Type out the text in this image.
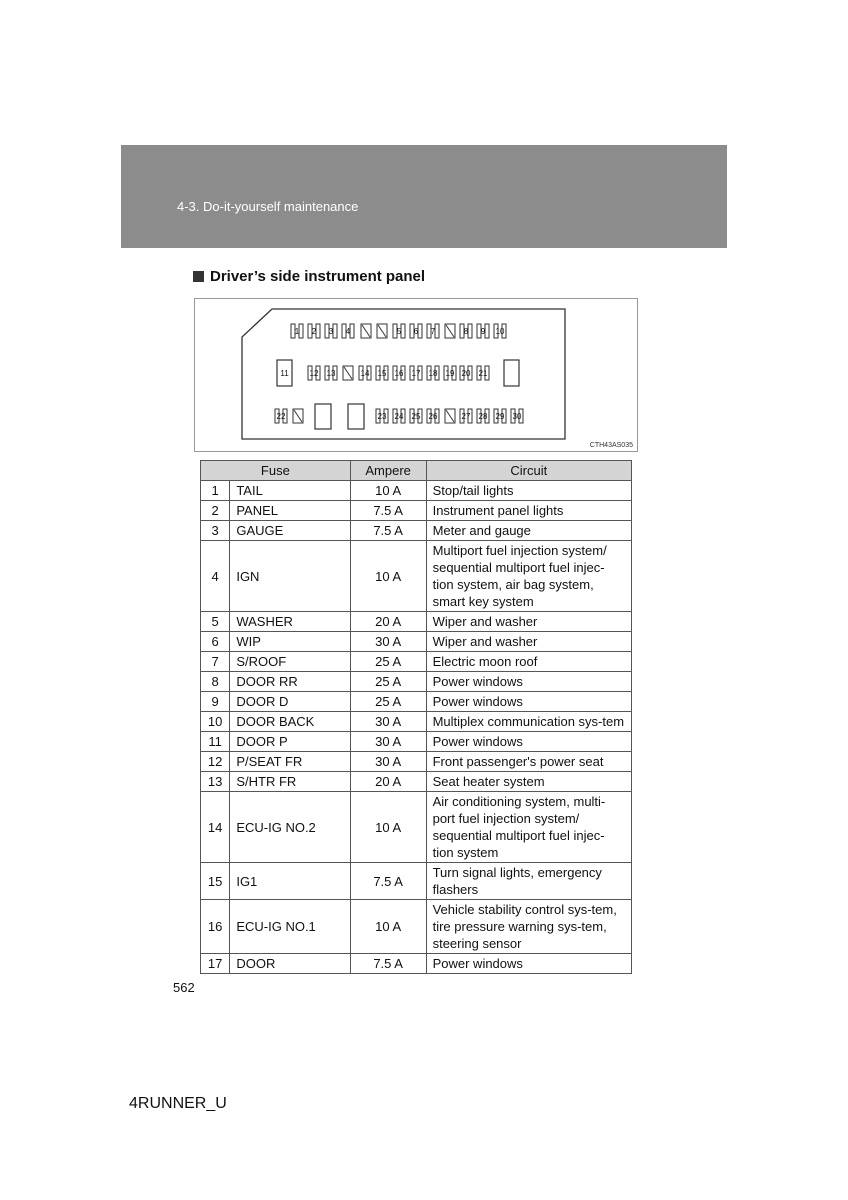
4-3. Do-it-yourself maintenance
Driver’s side instrument panel
1 2 3 4	5 6 7	8 9 10
11	12 13	14 15 16 17 18 19 20 21
22	23 24 25 26	27 28 29 30
CTH43AS035
Fuse		Ampere	Circuit
1	TAIL	10 A	Stop/tail lights
2	PANEL	7.5 A	Instrument panel lights
3	GAUGE	7.5 A	Meter and gauge
4	IGN	10 A	Multiport fuel injection system/ sequential multiport fuel injec-tion system, air bag system, smart key system
5	WASHER	20 A	Wiper and washer
6	WIP	30 A	Wiper and washer
7	S/ROOF	25 A	Electric moon roof
8	DOOR RR	25 A	Power windows
9	DOOR D	25 A	Power windows
10	DOOR BACK	30 A	Multiplex communication sys-tem
11	DOOR P	30 A	Power windows
12	P/SEAT FR	30 A	Front passenger's power seat
13	S/HTR FR	20 A	Seat heater system
14	ECU-IG NO.2	10 A	Air conditioning system, multi-port fuel injection system/ sequential multiport fuel injec-tion system
15	IG1	7.5 A	Turn signal lights, emergency flashers
16	ECU-IG NO.1	10 A	Vehicle stability control sys-tem, tire pressure warning sys-tem, steering sensor
17	DOOR	7.5 A	Power windows
562
4RUNNER_U
